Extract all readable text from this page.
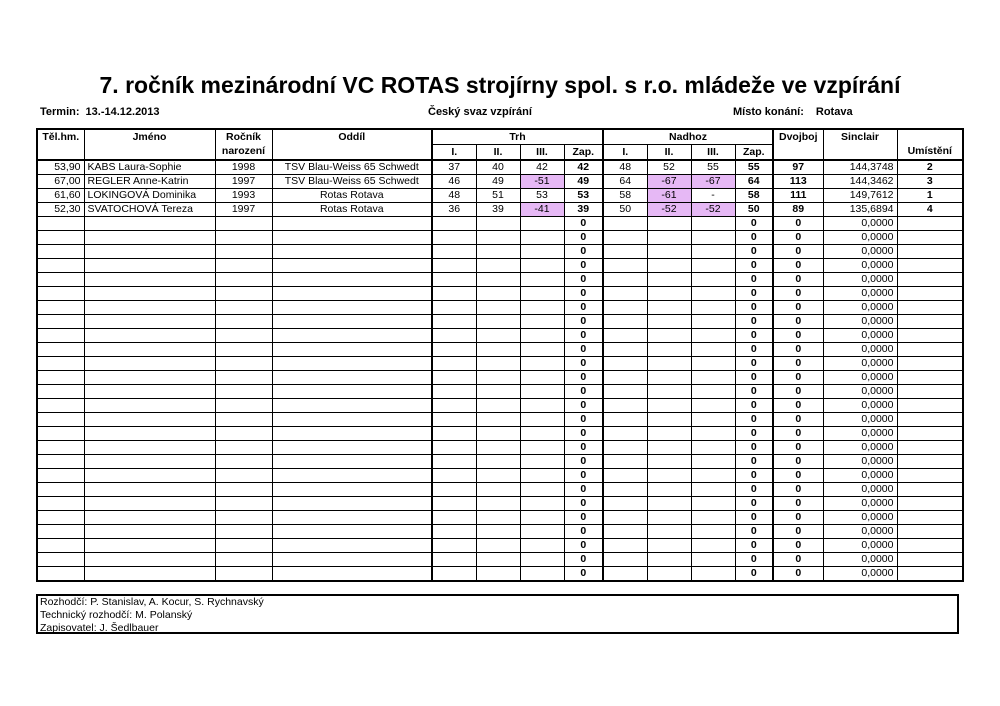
7. ročník mezinárodní VC ROTAS strojírny spol. s r.o. mládeže ve vzpírání
Termin: 13.-14.12.2013	Český svaz vzpírání	Místo konání: Rotava
Těl.hm.	Jméno	Ročník	Oddíl	Trh				Nadhoz				Dvojboj	Sinclair	
		narození		I.	II.	III.	Zap.	I.	II.	III.	Zap.			Umístění
53,90	KABS Laura-Sophie	1998	TSV Blau-Weiss 65 Schwedt	37	40	42	42	48	52	55	55	97	144,3748	2
67,00	REGLER Anne-Katrin	1997	TSV Blau-Weiss 65 Schwedt	46	49	-51	49	64	-67	-67	64	113	144,3462	3
61,60	LOKINGOVÁ Dominika	1993	Rotas Rotava	48	51	53	53	58	-61	-	58	111	149,7612	1
52,30	SVATOCHOVÁ Tereza	1997	Rotas Rotava	36	39	-41	39	50	-52	-52	50	89	135,6894	4
							0				0	0	0,0000	
							0				0	0	0,0000	
							0				0	0	0,0000	
							0				0	0	0,0000	
							0				0	0	0,0000	
							0				0	0	0,0000	
							0				0	0	0,0000	
							0				0	0	0,0000	
							0				0	0	0,0000	
							0				0	0	0,0000	
							0				0	0	0,0000	
							0				0	0	0,0000	
							0				0	0	0,0000	
							0				0	0	0,0000	
							0				0	0	0,0000	
							0				0	0	0,0000	
							0				0	0	0,0000	
							0				0	0	0,0000	
							0				0	0	0,0000	
							0				0	0	0,0000	
							0				0	0	0,0000	
							0				0	0	0,0000	
							0				0	0	0,0000	
							0				0	0	0,0000	
							0				0	0	0,0000	
							0				0	0	0,0000	
Rozhodčí: P. Stanislav, A. Kocur, S. Rychnavský
Technický rozhodčí: M. Polanský
Zapisovatel: J. Šedlbauer
